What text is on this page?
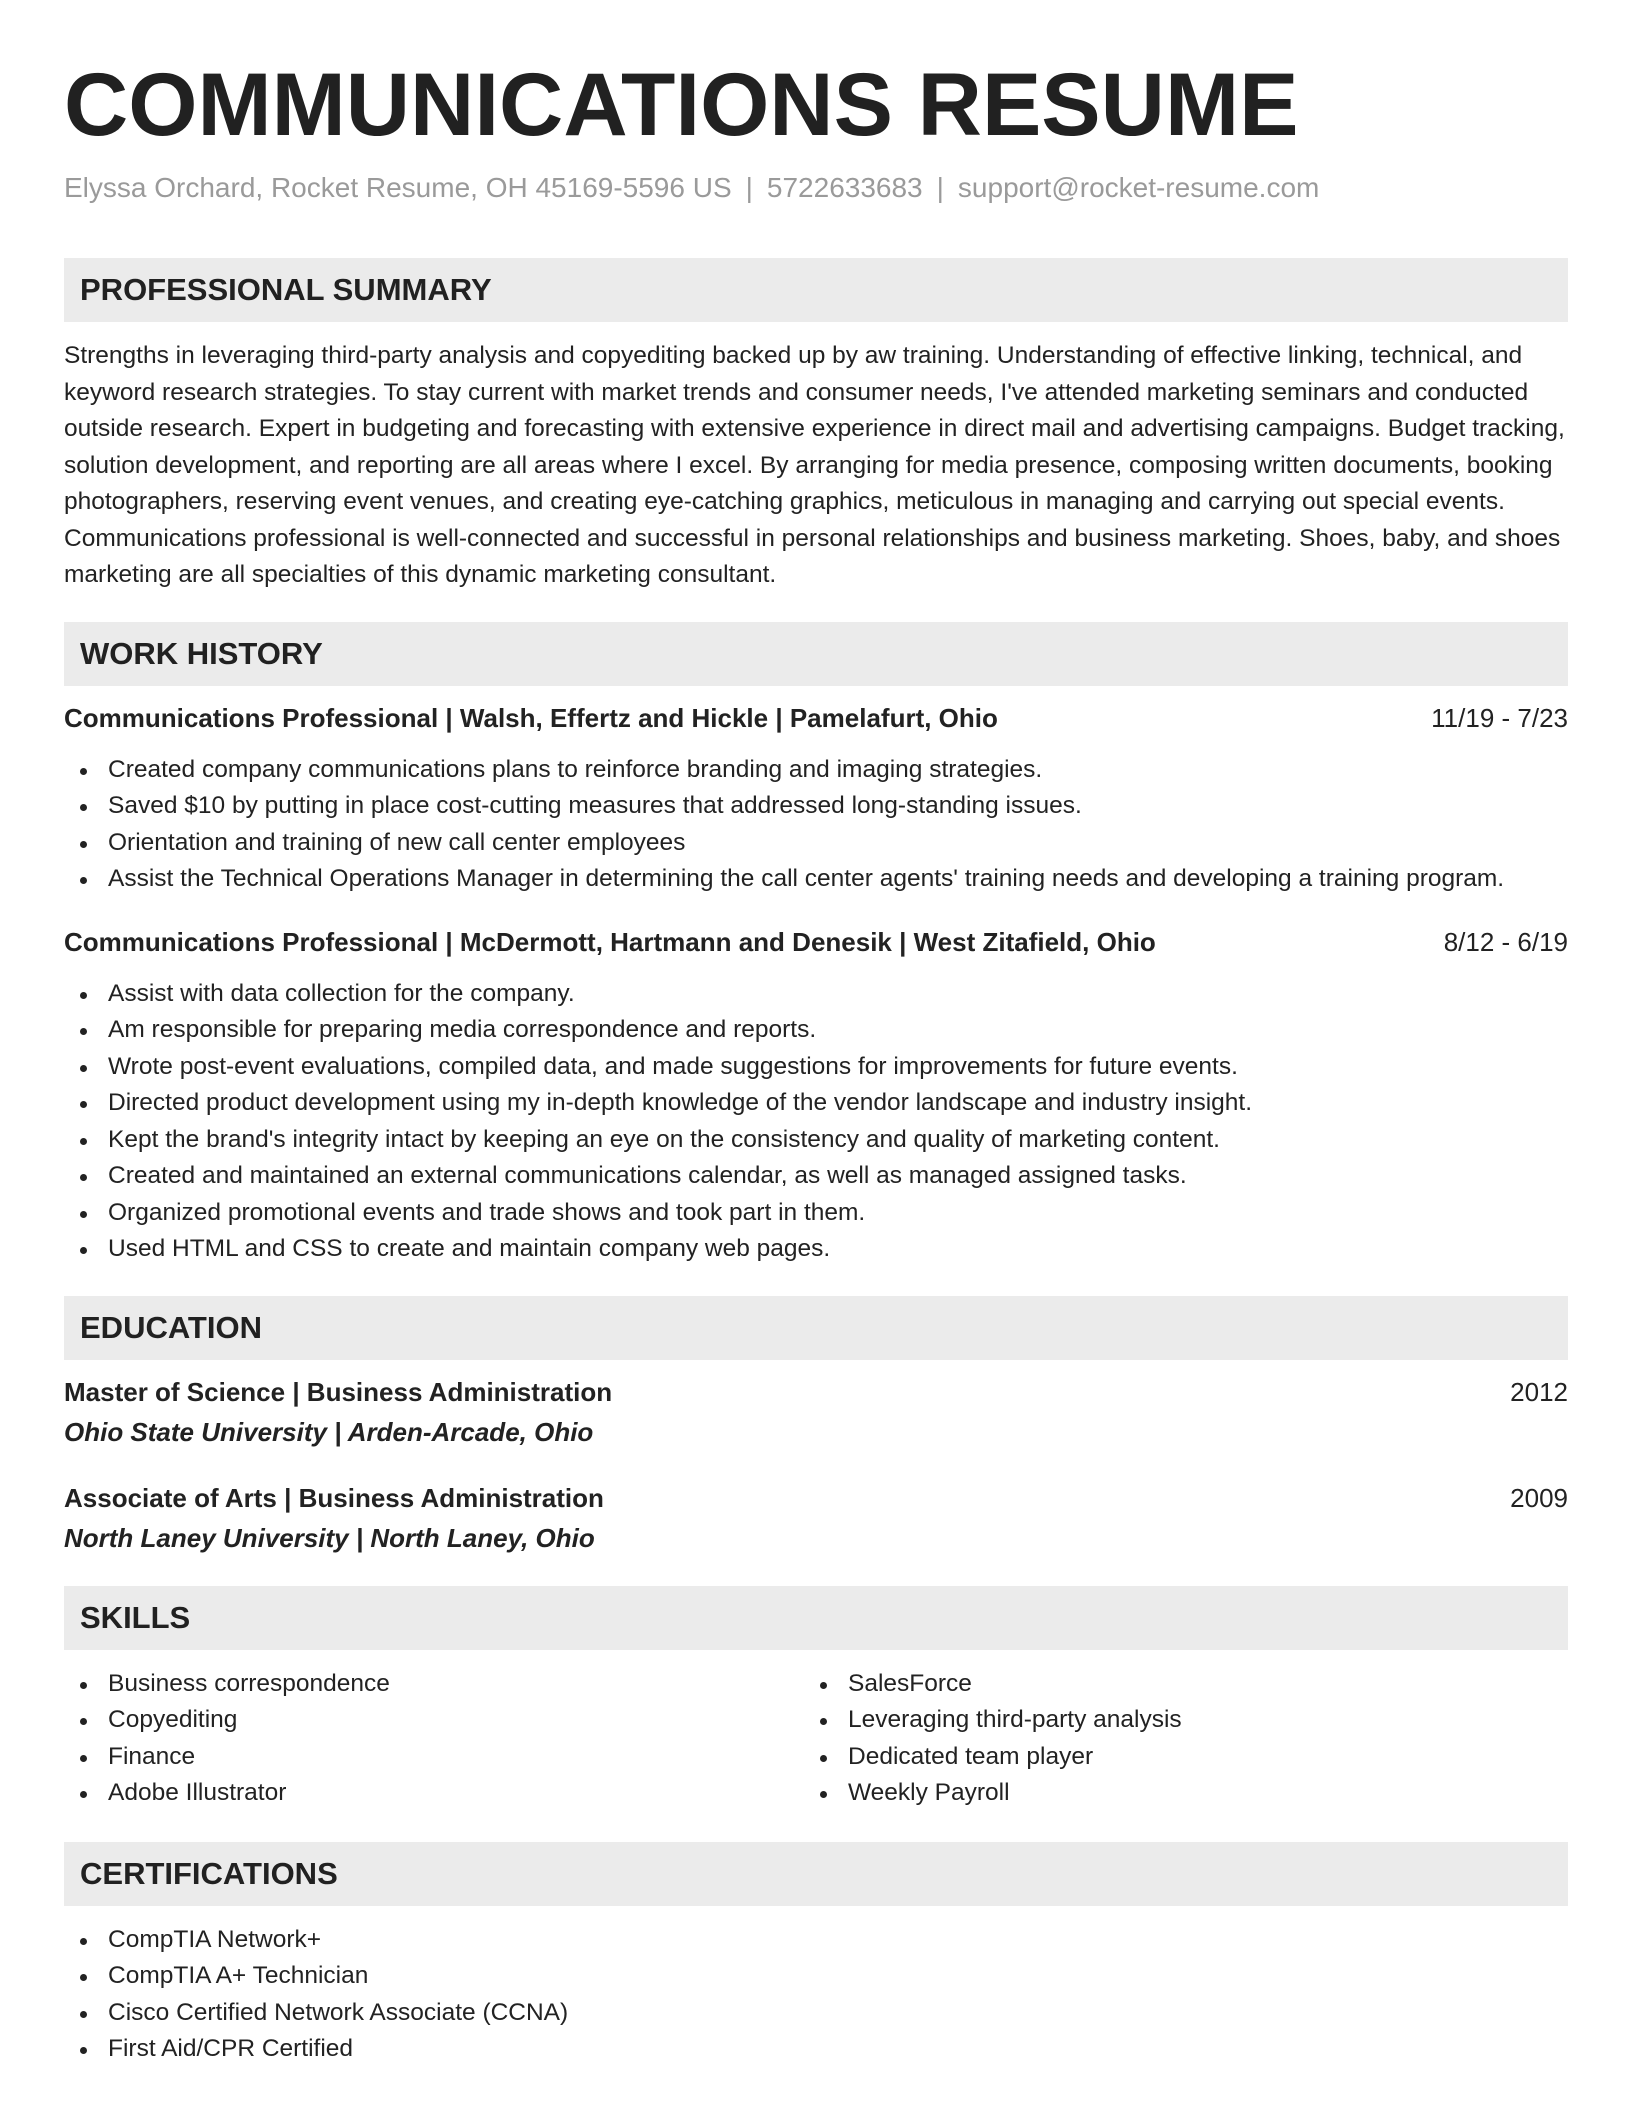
COMMUNICATIONS RESUME
Elyssa Orchard, Rocket Resume, OH 45169-5596 US | 5722633683 | support@rocket-resume.com
PROFESSIONAL SUMMARY
Strengths in leveraging third-party analysis and copyediting backed up by aw training. Understanding of effective linking, technical, and keyword research strategies. To stay current with market trends and consumer needs, I've attended marketing seminars and conducted outside research. Expert in budgeting and forecasting with extensive experience in direct mail and advertising campaigns. Budget tracking, solution development, and reporting are all areas where I excel. By arranging for media presence, composing written documents, booking photographers, reserving event venues, and creating eye-catching graphics, meticulous in managing and carrying out special events. Communications professional is well-connected and successful in personal relationships and business marketing. Shoes, baby, and shoes marketing are all specialties of this dynamic marketing consultant.
WORK HISTORY
Communications Professional | Walsh, Effertz and Hickle | Pamelafurt, Ohio	11/19 - 7/23
Created company communications plans to reinforce branding and imaging strategies.
Saved $10 by putting in place cost-cutting measures that addressed long-standing issues.
Orientation and training of new call center employees
Assist the Technical Operations Manager in determining the call center agents' training needs and developing a training program.
Communications Professional | McDermott, Hartmann and Denesik | West Zitafield, Ohio	8/12 - 6/19
Assist with data collection for the company.
Am responsible for preparing media correspondence and reports.
Wrote post-event evaluations, compiled data, and made suggestions for improvements for future events.
Directed product development using my in-depth knowledge of the vendor landscape and industry insight.
Kept the brand's integrity intact by keeping an eye on the consistency and quality of marketing content.
Created and maintained an external communications calendar, as well as managed assigned tasks.
Organized promotional events and trade shows and took part in them.
Used HTML and CSS to create and maintain company web pages.
EDUCATION
Master of Science | Business Administration	2012
Ohio State University | Arden-Arcade, Ohio
Associate of Arts | Business Administration	2009
North Laney University | North Laney, Ohio
SKILLS
Business correspondence
Copyediting
Finance
Adobe Illustrator
SalesForce
Leveraging third-party analysis
Dedicated team player
Weekly Payroll
CERTIFICATIONS
CompTIA Network+
CompTIA A+ Technician
Cisco Certified Network Associate (CCNA)
First Aid/CPR Certified
